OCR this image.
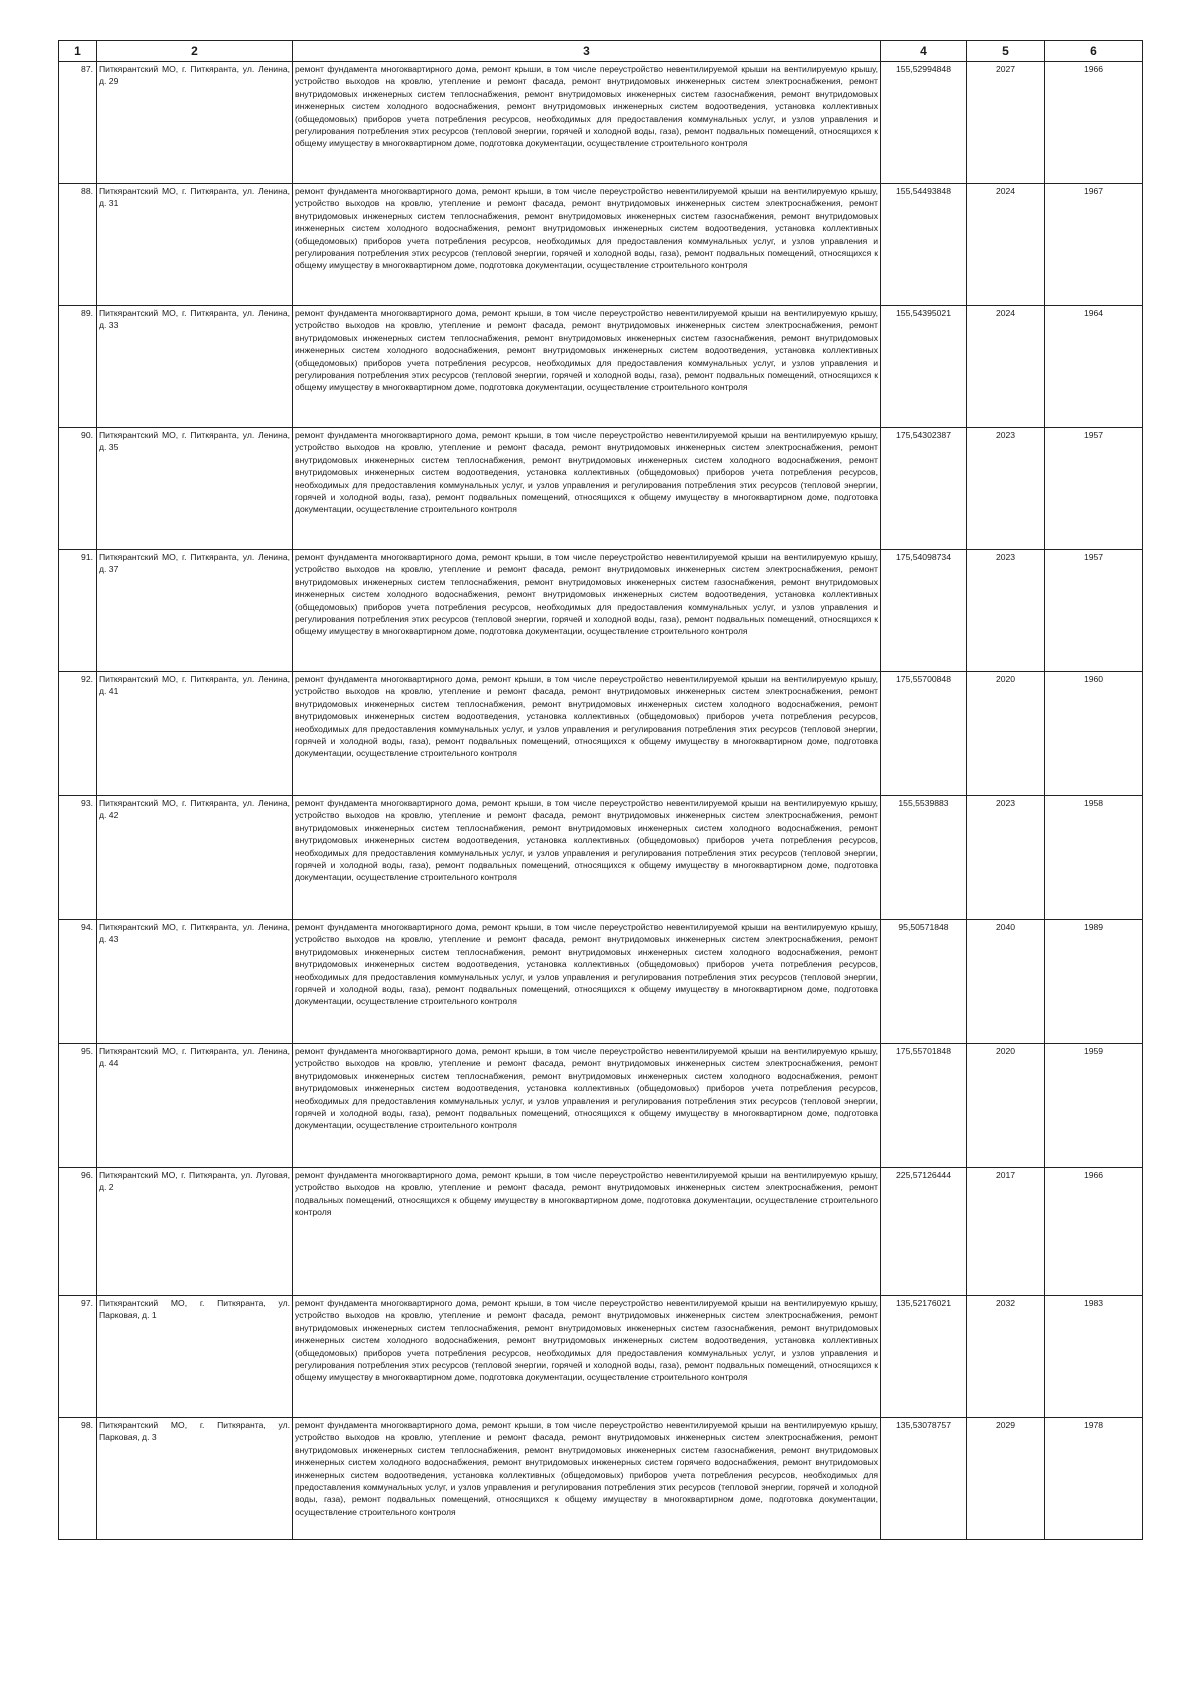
1	2	3	4	5	6
87.	Питкярантский МО, г. Питкяранта, ул. Ленина, д. 29	ремонт фундамента многоквартирного дома, ремонт крыши, в том числе переустройство невентилируемой крыши на вентилируемую крышу, устройство выходов на кровлю, утепление и ремонт фасада, ремонт внутридомовых инженерных систем электроснабжения, ремонт внутридомовых инженерных систем теплоснабжения, ремонт внутридомовых инженерных систем газоснабжения, ремонт внутридомовых инженерных систем холодного водоснабжения, ремонт внутридомовых инженерных систем водоотведения, установка коллективных (общедомовых) приборов учета потребления ресурсов, необходимых для предоставления коммунальных услуг, и узлов управления и регулирования потребления этих ресурсов (тепловой энергии, горячей и холодной воды, газа), ремонт подвальных помещений, относящихся к общему имуществу в многоквартирном доме, подготовка документации, осуществление строительного контроля	155,52994848	2027	1966
88.	Питкярантский МО, г. Питкяранта, ул. Ленина, д. 31	ремонт фундамента многоквартирного дома, ремонт крыши, в том числе переустройство невентилируемой крыши на вентилируемую крышу, устройство выходов на кровлю, утепление и ремонт фасада, ремонт внутридомовых инженерных систем электроснабжения, ремонт внутридомовых инженерных систем теплоснабжения, ремонт внутридомовых инженерных систем газоснабжения, ремонт внутридомовых инженерных систем холодного водоснабжения, ремонт внутридомовых инженерных систем водоотведения, установка коллективных (общедомовых) приборов учета потребления ресурсов, необходимых для предоставления коммунальных услуг, и узлов управления и регулирования потребления этих ресурсов (тепловой энергии, горячей и холодной воды, газа), ремонт подвальных помещений, относящихся к общему имуществу в многоквартирном доме, подготовка документации, осуществление строительного контроля	155,54493848	2024	1967
89.	Питкярантский МО, г. Питкяранта, ул. Ленина, д. 33	ремонт фундамента многоквартирного дома, ремонт крыши, в том числе переустройство невентилируемой крыши на вентилируемую крышу, устройство выходов на кровлю, утепление и ремонт фасада, ремонт внутридомовых инженерных систем электроснабжения, ремонт внутридомовых инженерных систем теплоснабжения, ремонт внутридомовых инженерных систем газоснабжения, ремонт внутридомовых инженерных систем холодного водоснабжения, ремонт внутридомовых инженерных систем водоотведения, установка коллективных (общедомовых) приборов учета потребления ресурсов, необходимых для предоставления коммунальных услуг, и узлов управления и регулирования потребления этих ресурсов (тепловой энергии, горячей и холодной воды, газа), ремонт подвальных помещений, относящихся к общему имуществу в многоквартирном доме, подготовка документации, осуществление строительного контроля	155,54395021	2024	1964
90.	Питкярантский МО, г. Питкяранта, ул. Ленина, д. 35	ремонт фундамента многоквартирного дома, ремонт крыши, в том числе переустройство невентилируемой крыши на вентилируемую крышу, устройство выходов на кровлю, утепление и ремонт фасада, ремонт внутридомовых инженерных систем электроснабжения, ремонт внутридомовых инженерных систем теплоснабжения, ремонт внутридомовых инженерных систем холодного водоснабжения, ремонт внутридомовых инженерных систем водоотведения, установка коллективных (общедомовых) приборов учета потребления ресурсов, необходимых для предоставления коммунальных услуг, и узлов управления и регулирования потребления этих ресурсов (тепловой энергии, горячей и холодной воды, газа), ремонт подвальных помещений, относящихся к общему имуществу в многоквартирном доме, подготовка документации, осуществление строительного контроля	175,54302387	2023	1957
91.	Питкярантский МО, г. Питкяранта, ул. Ленина, д. 37	ремонт фундамента многоквартирного дома, ремонт крыши, в том числе переустройство невентилируемой крыши на вентилируемую крышу, устройство выходов на кровлю, утепление и ремонт фасада, ремонт внутридомовых инженерных систем электроснабжения, ремонт внутридомовых инженерных систем теплоснабжения, ремонт внутридомовых инженерных систем газоснабжения, ремонт внутридомовых инженерных систем холодного водоснабжения, ремонт внутридомовых инженерных систем водоотведения, установка коллективных (общедомовых) приборов учета потребления ресурсов, необходимых для предоставления коммунальных услуг, и узлов управления и регулирования потребления этих ресурсов (тепловой энергии, горячей и холодной воды, газа), ремонт подвальных помещений, относящихся к общему имуществу в многоквартирном доме, подготовка документации, осуществление строительного контроля	175,54098734	2023	1957
92.	Питкярантский МО, г. Питкяранта, ул. Ленина, д. 41	ремонт фундамента многоквартирного дома, ремонт крыши, в том числе переустройство невентилируемой крыши на вентилируемую крышу, устройство выходов на кровлю, утепление и ремонт фасада, ремонт внутридомовых инженерных систем электроснабжения, ремонт внутридомовых инженерных систем теплоснабжения, ремонт внутридомовых инженерных систем холодного водоснабжения, ремонт внутридомовых инженерных систем водоотведения, установка коллективных (общедомовых) приборов учета потребления ресурсов, необходимых для предоставления коммунальных услуг, и узлов управления и регулирования потребления этих ресурсов (тепловой энергии, горячей и холодной воды, газа), ремонт подвальных помещений, относящихся к общему имуществу в многоквартирном доме, подготовка документации, осуществление строительного контроля	175,55700848	2020	1960
93.	Питкярантский МО, г. Питкяранта, ул. Ленина, д. 42	ремонт фундамента многоквартирного дома, ремонт крыши, в том числе переустройство невентилируемой крыши на вентилируемую крышу, устройство выходов на кровлю, утепление и ремонт фасада, ремонт внутридомовых инженерных систем электроснабжения, ремонт внутридомовых инженерных систем теплоснабжения, ремонт внутридомовых инженерных систем холодного водоснабжения, ремонт внутридомовых инженерных систем водоотведения, установка коллективных (общедомовых) приборов учета потребления ресурсов, необходимых для предоставления коммунальных услуг, и узлов управления и регулирования потребления этих ресурсов (тепловой энергии, горячей и холодной воды, газа), ремонт подвальных помещений, относящихся к общему имуществу в многоквартирном доме, подготовка документации, осуществление строительного контроля	155,5539883	2023	1958
94.	Питкярантский МО, г. Питкяранта, ул. Ленина, д. 43	ремонт фундамента многоквартирного дома, ремонт крыши, в том числе переустройство невентилируемой крыши на вентилируемую крышу, устройство выходов на кровлю, утепление и ремонт фасада, ремонт внутридомовых инженерных систем электроснабжения, ремонт внутридомовых инженерных систем теплоснабжения, ремонт внутридомовых инженерных систем холодного водоснабжения, ремонт внутридомовых инженерных систем водоотведения, установка коллективных (общедомовых) приборов учета потребления ресурсов, необходимых для предоставления коммунальных услуг, и узлов управления и регулирования потребления этих ресурсов (тепловой энергии, горячей и холодной воды, газа), ремонт подвальных помещений, относящихся к общему имуществу в многоквартирном доме, подготовка документации, осуществление строительного контроля	95,50571848	2040	1989
95.	Питкярантский МО, г. Питкяранта, ул. Ленина, д. 44	ремонт фундамента многоквартирного дома, ремонт крыши, в том числе переустройство невентилируемой крыши на вентилируемую крышу, устройство выходов на кровлю, утепление и ремонт фасада, ремонт внутридомовых инженерных систем электроснабжения, ремонт внутридомовых инженерных систем теплоснабжения, ремонт внутридомовых инженерных систем холодного водоснабжения, ремонт внутридомовых инженерных систем водоотведения, установка коллективных (общедомовых) приборов учета потребления ресурсов, необходимых для предоставления коммунальных услуг, и узлов управления и регулирования потребления этих ресурсов (тепловой энергии, горячей и холодной воды, газа), ремонт подвальных помещений, относящихся к общему имуществу в многоквартирном доме, подготовка документации, осуществление строительного контроля	175,55701848	2020	1959
96.	Питкярантский МО, г. Питкяранта, ул. Луговая, д. 2	ремонт фундамента многоквартирного дома, ремонт крыши, в том числе переустройство невентилируемой крыши на вентилируемую крышу, устройство выходов на кровлю, утепление и ремонт фасада, ремонт внутридомовых инженерных систем электроснабжения, ремонт подвальных помещений, относящихся к общему имуществу в многоквартирном доме, подготовка документации, осуществление строительного контроля	225,57126444	2017	1966
97.	Питкярантский МО, г. Питкяранта, ул. Парковая, д. 1	ремонт фундамента многоквартирного дома, ремонт крыши, в том числе переустройство невентилируемой крыши на вентилируемую крышу, устройство выходов на кровлю, утепление и ремонт фасада, ремонт внутридомовых инженерных систем электроснабжения, ремонт внутридомовых инженерных систем теплоснабжения, ремонт внутридомовых инженерных систем газоснабжения, ремонт внутридомовых инженерных систем холодного водоснабжения, ремонт внутридомовых инженерных систем водоотведения, установка коллективных (общедомовых) приборов учета потребления ресурсов, необходимых для предоставления коммунальных услуг, и узлов управления и регулирования потребления этих ресурсов (тепловой энергии, горячей и холодной воды, газа), ремонт подвальных помещений, относящихся к общему имуществу в многоквартирном доме, подготовка документации, осуществление строительного контроля	135,52176021	2032	1983
98.	Питкярантский МО, г. Питкяранта, ул. Парковая, д. 3	ремонт фундамента многоквартирного дома, ремонт крыши, в том числе переустройство невентилируемой крыши на вентилируемую крышу, устройство выходов на кровлю, утепление и ремонт фасада, ремонт внутридомовых инженерных систем электроснабжения, ремонт внутридомовых инженерных систем теплоснабжения, ремонт внутридомовых инженерных систем газоснабжения, ремонт внутридомовых инженерных систем холодного водоснабжения, ремонт внутридомовых инженерных систем горячего водоснабжения, ремонт внутридомовых инженерных систем водоотведения, установка коллективных (общедомовых) приборов учета потребления ресурсов, необходимых для предоставления коммунальных услуг, и узлов управления и регулирования потребления этих ресурсов (тепловой энергии, горячей и холодной воды, газа), ремонт подвальных помещений, относящихся к общему имуществу в многоквартирном доме, подготовка документации, осуществление строительного контроля	135,53078757	2029	1978
